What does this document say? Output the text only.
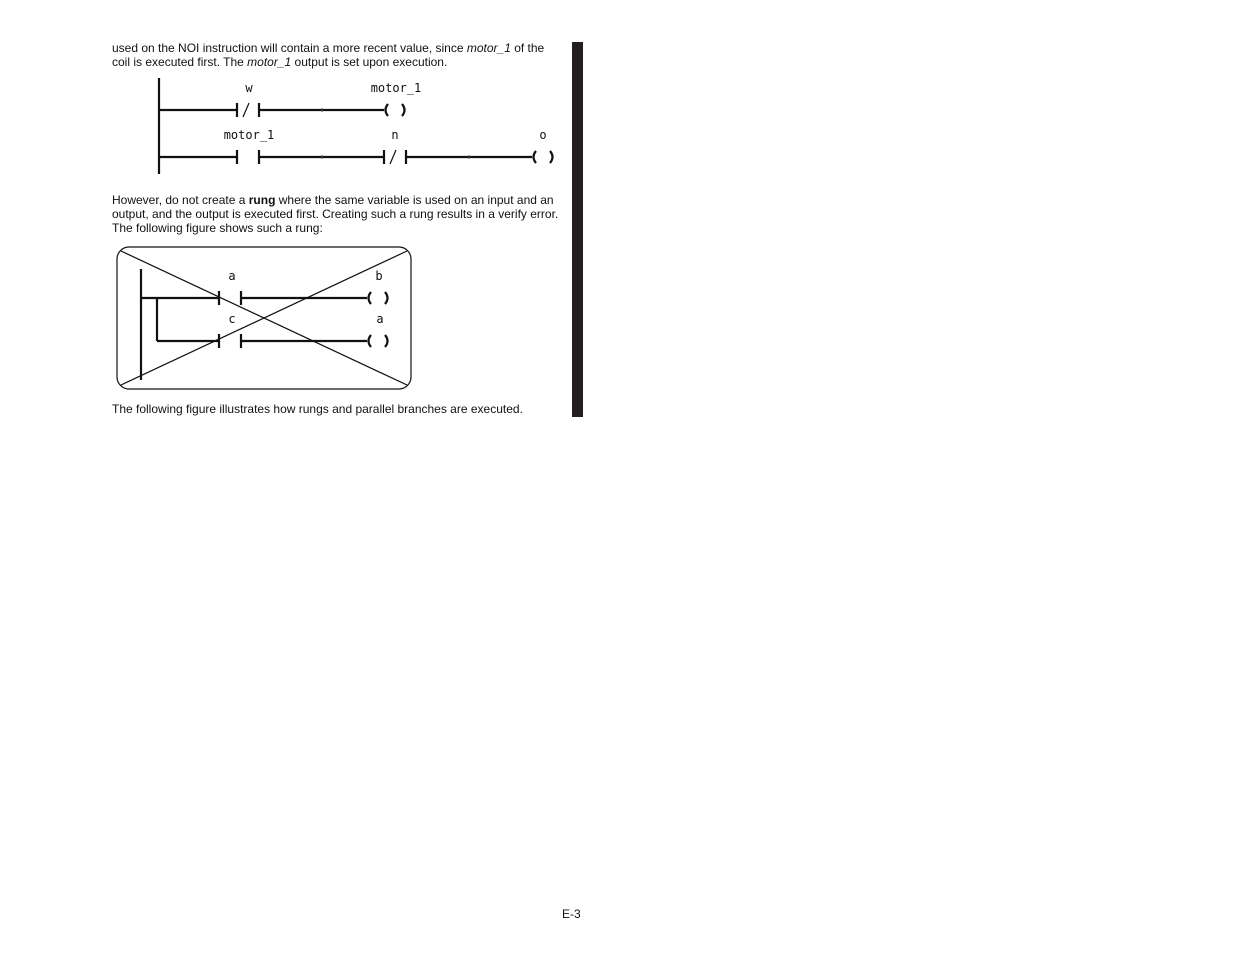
used on the NOI instruction will contain a more recent value, since motor_1 of the coil is executed first. The motor_1 output is set upon execution.

w	motor_1
motor_1	n	o

However, do not create a rung where the same variable is used on an input and an output, and the output is executed first. Creating such a rung results in a verify error. The following figure shows such a rung:

a	b
c	a

The following figure illustrates how rungs and parallel branches are executed.

E-3
